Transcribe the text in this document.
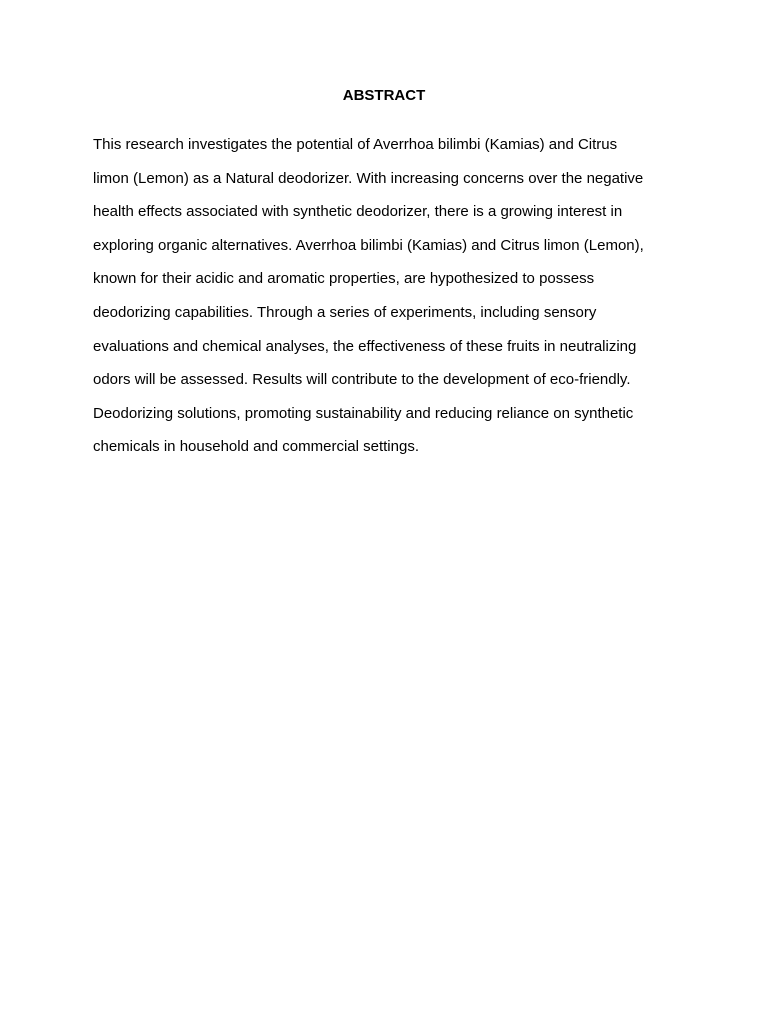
ABSTRACT
This research investigates the potential of Averrhoa bilimbi (Kamias) and Citrus
limon (Lemon) as a Natural deodorizer. With increasing concerns over the negative
health effects associated with synthetic deodorizer, there is a growing interest in
exploring organic alternatives. Averrhoa bilimbi (Kamias) and Citrus limon (Lemon),
known for their acidic and aromatic properties, are hypothesized to possess
deodorizing capabilities. Through a series of experiments, including sensory
evaluations and chemical analyses, the effectiveness of these fruits in neutralizing
odors will be assessed. Results will contribute to the development of eco-friendly.
Deodorizing solutions, promoting sustainability and reducing reliance on synthetic
chemicals in household and commercial settings.
